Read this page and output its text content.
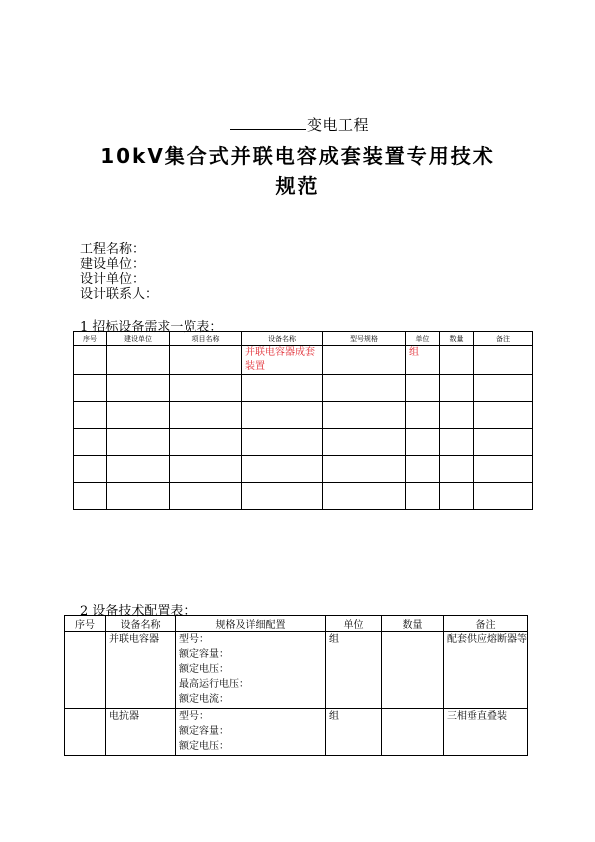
变电工程
10kV集合式并联电容成套装置专用技术
规范
工程名称：
建设单位：
设计单位：
设计联系人：
1 招标设备需求一览表：
序号	建设单位	项目名称	设备名称	型号规格	单位	数量	备注
			并联电容器成套装置		组		

2 设备技术配置表：
序号	设备名称	规格及详细配置	单位	数量	备注
	并联电容器	型号：
额定容量：
额定电压：
最高运行电压：
额定电流：	组		配套供应熔断器等
	电抗器	型号：
额定容量：
额定电压：	组		三相垂直叠装
